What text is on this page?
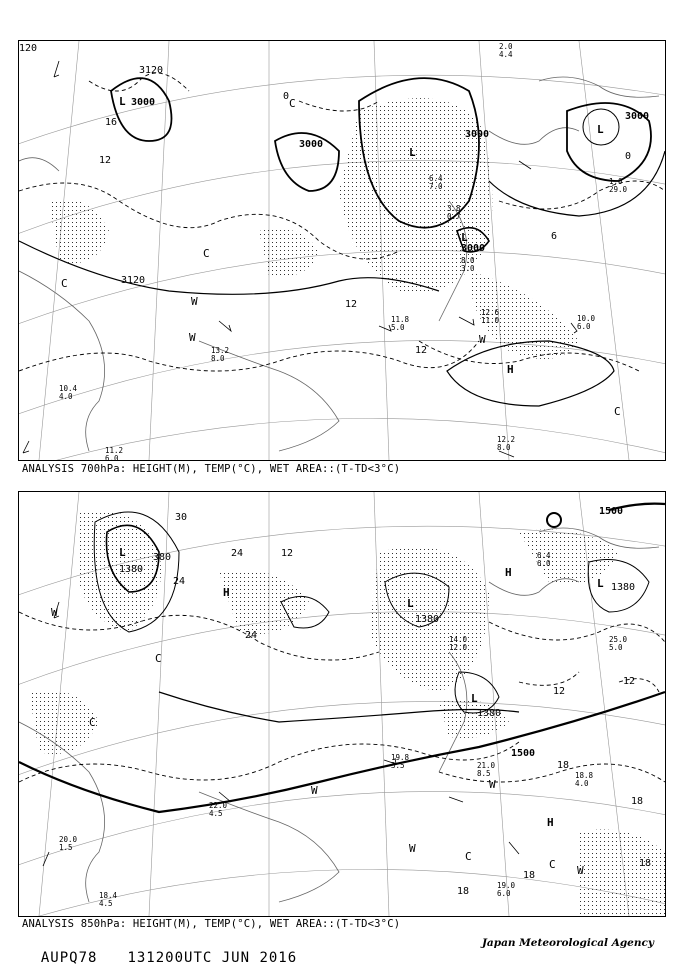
3120
3120
120
3000
3000
3000
3000
3000
12
12
12
16
0
0
6
L
L
L
L
H
C
C
C
C
W
W
W
12.2
8.0
12.6
11.0	10.0
6.0
11.8
5.0
11.2
6.0
13.2
8.0
10.4
4.0
2.0
4.4
1.0
29.0
6.4
7.0
3.8
0.7
8.0
3.0
ANALYSIS 700hPa: HEIGHT(M), TEMP(°C), WET AREA::(T-TD<3°C)
1500
1500
1380
1380
1380
380
1380
18
18
18
18
18
12
12
12
24
24
24
30
L
L
L
L
H
H
H
C
C
C
C
W
W
W
W
W
19.0
6.0
19.8
3.5	21.0
8.5	18.8
4.0
18.4
4.5
22.0
4.5
20.0
1.5
6.4
6.0
25.0
5.0
14.0
12.0
ANALYSIS 850hPa: HEIGHT(M), TEMP(°C), WET AREA::(T-TD<3°C)

AUPQ78 131200UTC JUN 2016

Japan Meteorological Agency
